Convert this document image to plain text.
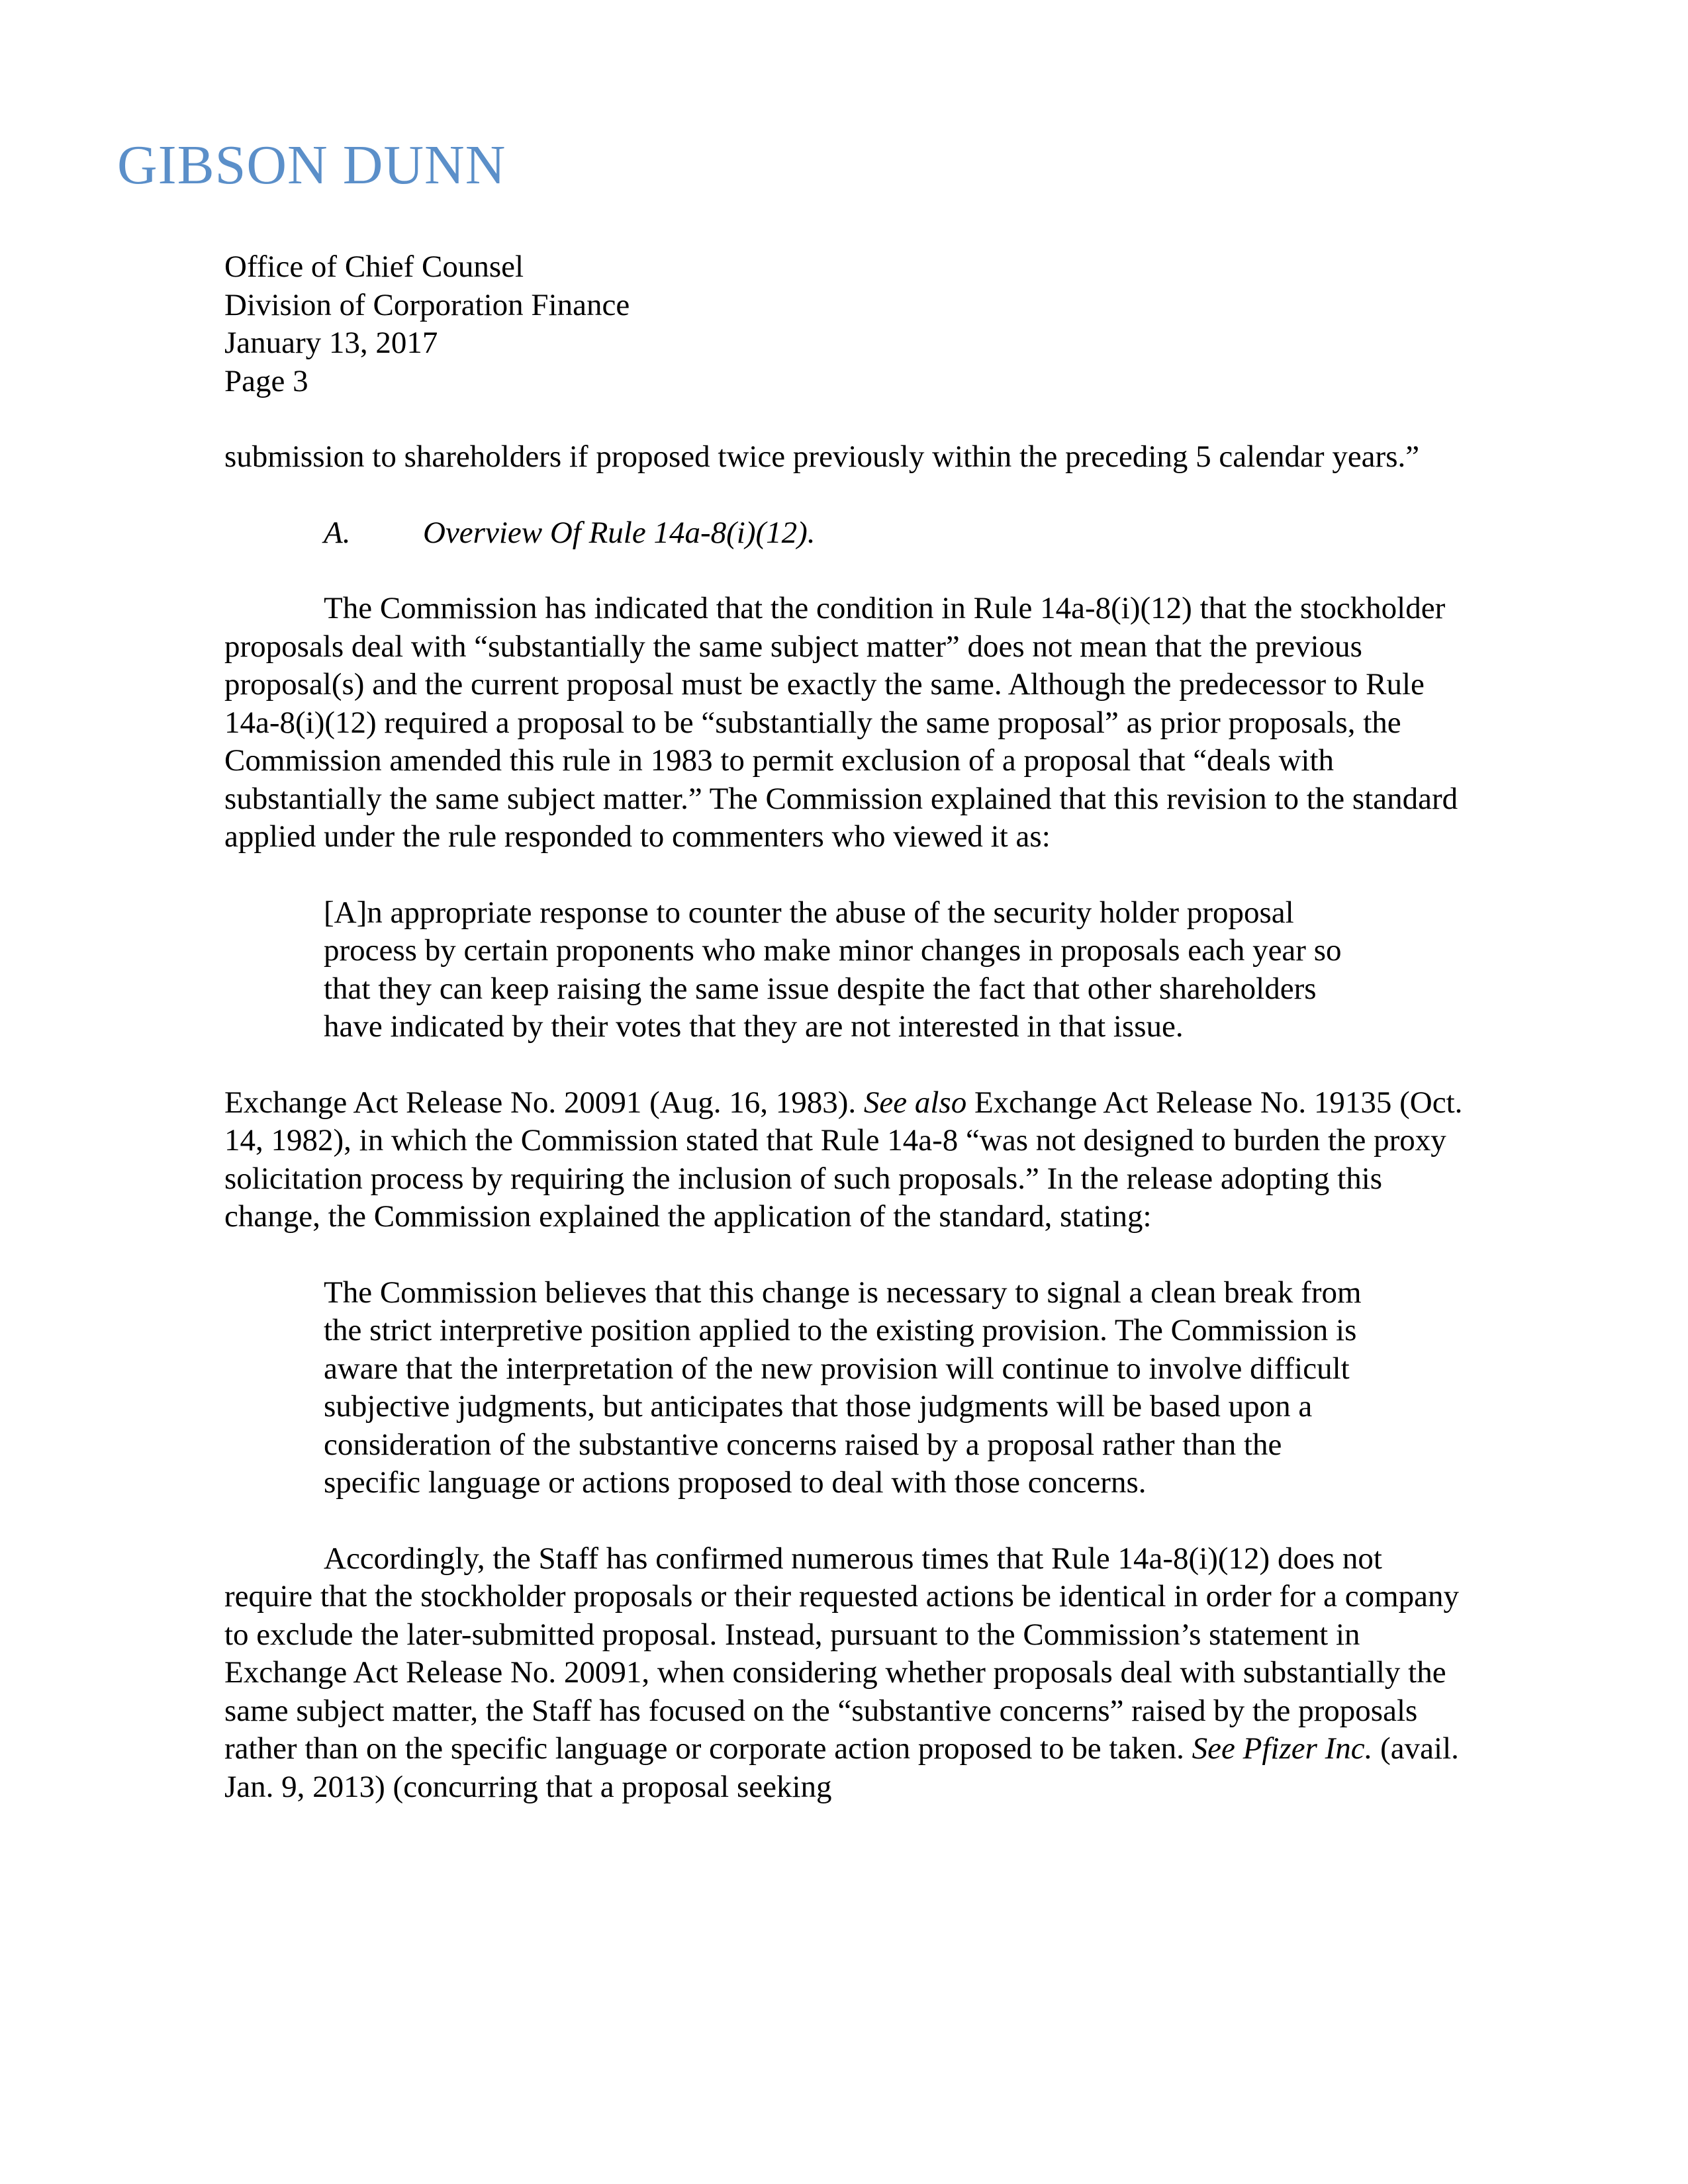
GIBSON DUNN
Office of Chief Counsel
Division of Corporation Finance
January 13, 2017
Page 3

submission to shareholders if proposed twice previously within the preceding 5 calendar years.”

A. Overview Of Rule 14a-8(i)(12).

The Commission has indicated that the condition in Rule 14a-8(i)(12) that the stockholder proposals deal with “substantially the same subject matter” does not mean that the previous proposal(s) and the current proposal must be exactly the same. Although the predecessor to Rule 14a-8(i)(12) required a proposal to be “substantially the same proposal” as prior proposals, the Commission amended this rule in 1983 to permit exclusion of a proposal that “deals with substantially the same subject matter.” The Commission explained that this revision to the standard applied under the rule responded to commenters who viewed it as:

[A]n appropriate response to counter the abuse of the security holder proposal process by certain proponents who make minor changes in proposals each year so that they can keep raising the same issue despite the fact that other shareholders have indicated by their votes that they are not interested in that issue.

Exchange Act Release No. 20091 (Aug. 16, 1983). See also Exchange Act Release No. 19135 (Oct. 14, 1982), in which the Commission stated that Rule 14a-8 “was not designed to burden the proxy solicitation process by requiring the inclusion of such proposals.” In the release adopting this change, the Commission explained the application of the standard, stating:

The Commission believes that this change is necessary to signal a clean break from the strict interpretive position applied to the existing provision. The Commission is aware that the interpretation of the new provision will continue to involve difficult subjective judgments, but anticipates that those judgments will be based upon a consideration of the substantive concerns raised by a proposal rather than the specific language or actions proposed to deal with those concerns.

Accordingly, the Staff has confirmed numerous times that Rule 14a-8(i)(12) does not require that the stockholder proposals or their requested actions be identical in order for a company to exclude the later-submitted proposal. Instead, pursuant to the Commission’s statement in Exchange Act Release No. 20091, when considering whether proposals deal with substantially the same subject matter, the Staff has focused on the “substantive concerns” raised by the proposals rather than on the specific language or corporate action proposed to be taken. See Pfizer Inc. (avail. Jan. 9, 2013) (concurring that a proposal seeking
